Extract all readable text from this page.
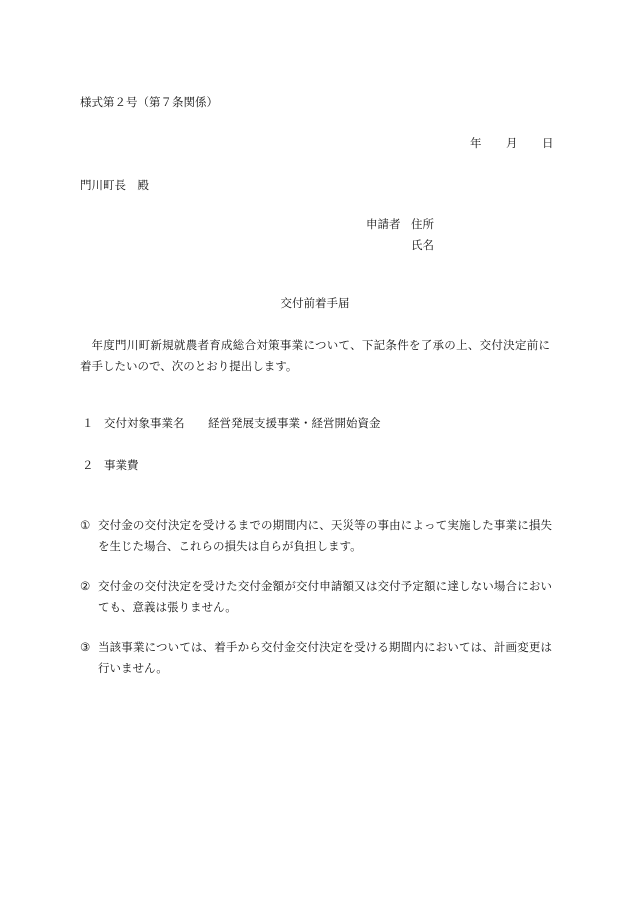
様式第２号（第７条関係）
年 月 日
門川町長　殿
申請者 住所
氏名
交付前着手届
年度門川町新規就農者育成総合対策事業について、下記条件を了承の上、交付決定前に着手したいので、次のとおり提出します。
１ 交付対象事業名 経営発展支援事業・経営開始資金
２ 事業費
① 交付金の交付決定を受けるまでの期間内に、天災等の事由によって実施した事業に損失を生じた場合、これらの損失は自らが負担します。
② 交付金の交付決定を受けた交付金額が交付申請額又は交付予定額に達しない場合においても、意義は張りません。
③ 当該事業については、着手から交付金交付決定を受ける期間内においては、計画変更は行いません。
